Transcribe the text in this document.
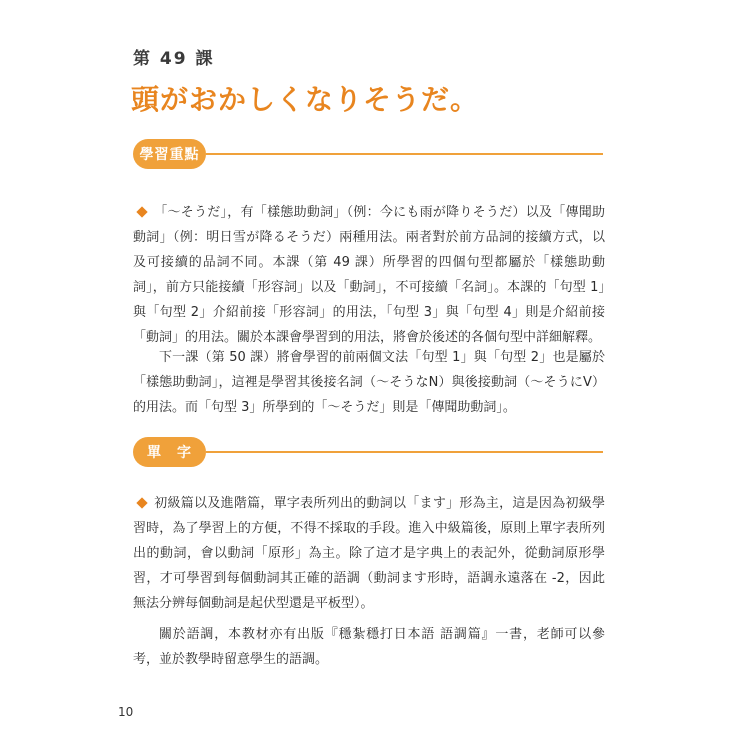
第 49 課
頭がおかしくなりそうだ。
學習重點

「〜そうだ」，有「樣態助動詞」（例：今にも雨が降りそうだ）以及「傳聞助動詞」（例：明日雪が降るそうだ）兩種用法。兩者對於前方品詞的接續方式，以及可接續的品詞不同。本課（第 49 課）所學習的四個句型都屬於「樣態助動詞」，前方只能接續「形容詞」以及「動詞」，不可接續「名詞」。本課的「句型 1」與「句型 2」介紹前接「形容詞」的用法，「句型 3」與「句型 4」則是介紹前接「動詞」的用法。關於本課會學習到的用法，將會於後述的各個句型中詳細解釋。

下一課（第 50 課）將會學習的前兩個文法「句型 1」與「句型 2」也是屬於「樣態助動詞」，這裡是學習其後接名詞（〜そうなN）與後接動詞（〜そうにV）的用法。而「句型 3」所學到的「〜そうだ」則是「傳聞助動詞」。

單　字

初級篇以及進階篇，單字表所列出的動詞以「ます」形為主，這是因為初級學習時，為了學習上的方便，不得不採取的手段。進入中級篇後，原則上單字表所列出的動詞，會以動詞「原形」為主。除了這才是字典上的表記外，從動詞原形學習，才可學習到每個動詞其正確的語調（動詞ます形時，語調永遠落在 -2，因此無法分辨每個動詞是起伏型還是平板型）。

關於語調，本教材亦有出版『穩紮穩打日本語 語調篇』一書，老師可以參考，並於教學時留意學生的語調。

10
